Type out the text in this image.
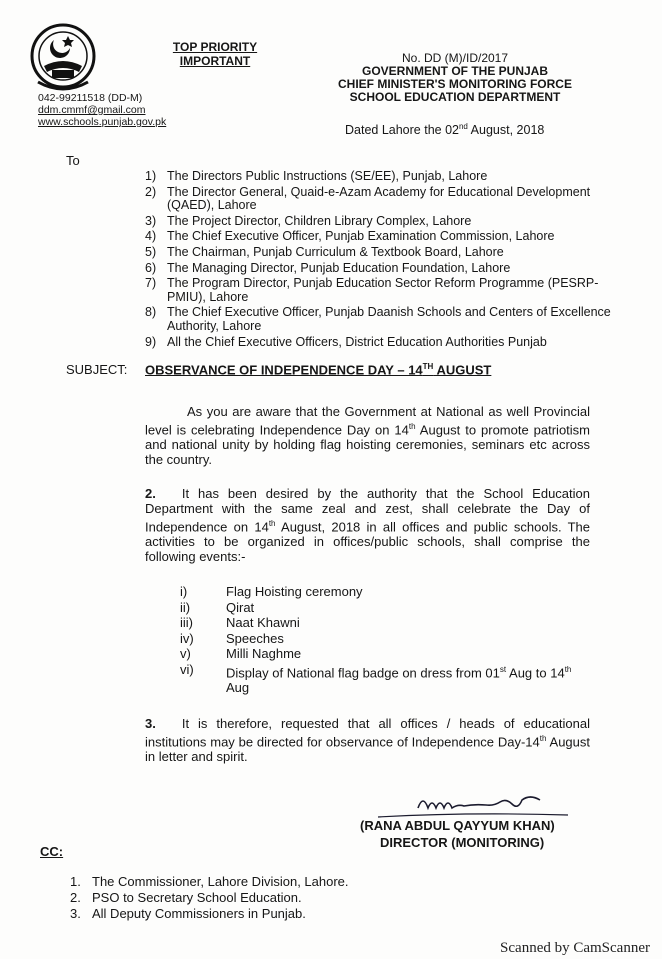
TOP PRIORITY
IMPORTANT	No. DD (M)/ID/2017
GOVERNMENT OF THE PUNJAB
CHIEF MINISTER'S MONITORING FORCE
SCHOOL EDUCATION DEPARTMENT
042-99211518 (DD-M)
ddm.cmmf@gmail.com
www.schools.punjab.gov.pk
Dated Lahore the 02nd August, 2018
To
1) The Directors Public Instructions (SE/EE), Punjab, Lahore
2) The Director General, Quaid-e-Azam Academy for Educational Development (QAED), Lahore
3) The Project Director, Children Library Complex, Lahore
4) The Chief Executive Officer, Punjab Examination Commission, Lahore
5) The Chairman, Punjab Curriculum & Textbook Board, Lahore
6) The Managing Director, Punjab Education Foundation, Lahore
7) The Program Director, Punjab Education Sector Reform Programme (PESRP-PMIU), Lahore
8) The Chief Executive Officer, Punjab Daanish Schools and Centers of Excellence Authority, Lahore
9) All the Chief Executive Officers, District Education Authorities Punjab
SUBJECT: OBSERVANCE OF INDEPENDENCE DAY – 14TH AUGUST
As you are aware that the Government at National as well Provincial level is celebrating Independence Day on 14th August to promote patriotism and national unity by holding flag hoisting ceremonies, seminars etc across the country.
2. It has been desired by the authority that the School Education Department with the same zeal and zest, shall celebrate the Day of Independence on 14th August, 2018 in all offices and public schools. The activities to be organized in offices/public schools, shall comprise the following events:-
i)	Flag Hoisting ceremony
ii)	Qirat
iii)	Naat Khawni
iv) Speeches
v)	Milli Naghme
vi) Display of National flag badge on dress from 01st Aug to 14th Aug
3. It is therefore, requested that all offices / heads of educational institutions may be directed for observance of Independence Day-14th August in letter and spirit.
(RANA ABDUL QAYYUM KHAN)
DIRECTOR (MONITORING)
CC:
1. The Commissioner, Lahore Division, Lahore.
2. PSO to Secretary School Education.
3. All Deputy Commissioners in Punjab.
Scanned by CamScanner
